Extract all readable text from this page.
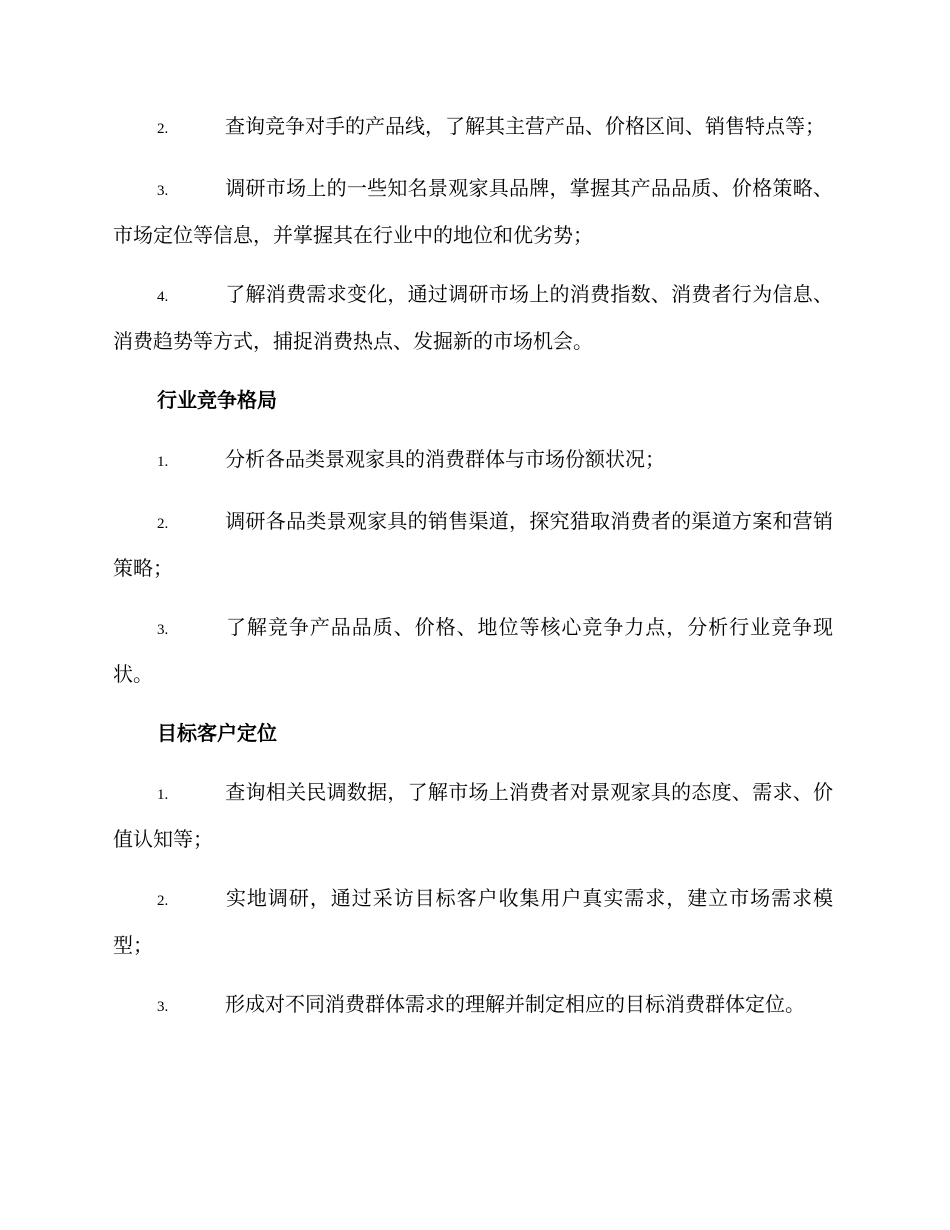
2.	查询竞争对手的产品线，了解其主营产品、价格区间、销售特点等；

3.	调研市场上的一些知名景观家具品牌，掌握其产品品质、价格策略、市场定位等信息，并掌握其在行业中的地位和优劣势；

4.	了解消费需求变化，通过调研市场上的消费指数、消费者行为信息、消费趋势等方式，捕捉消费热点、发掘新的市场机会。

行业竞争格局

1.	分析各品类景观家具的消费群体与市场份额状况；

2.	调研各品类景观家具的销售渠道，探究猎取消费者的渠道方案和营销策略；

3.	了解竞争产品品质、价格、地位等核心竞争力点，分析行业竞争现状。

目标客户定位

1.	查询相关民调数据，了解市场上消费者对景观家具的态度、需求、价值认知等；

2.	实地调研，通过采访目标客户收集用户真实需求，建立市场需求模型；

3.	形成对不同消费群体需求的理解并制定相应的目标消费群体定位。
